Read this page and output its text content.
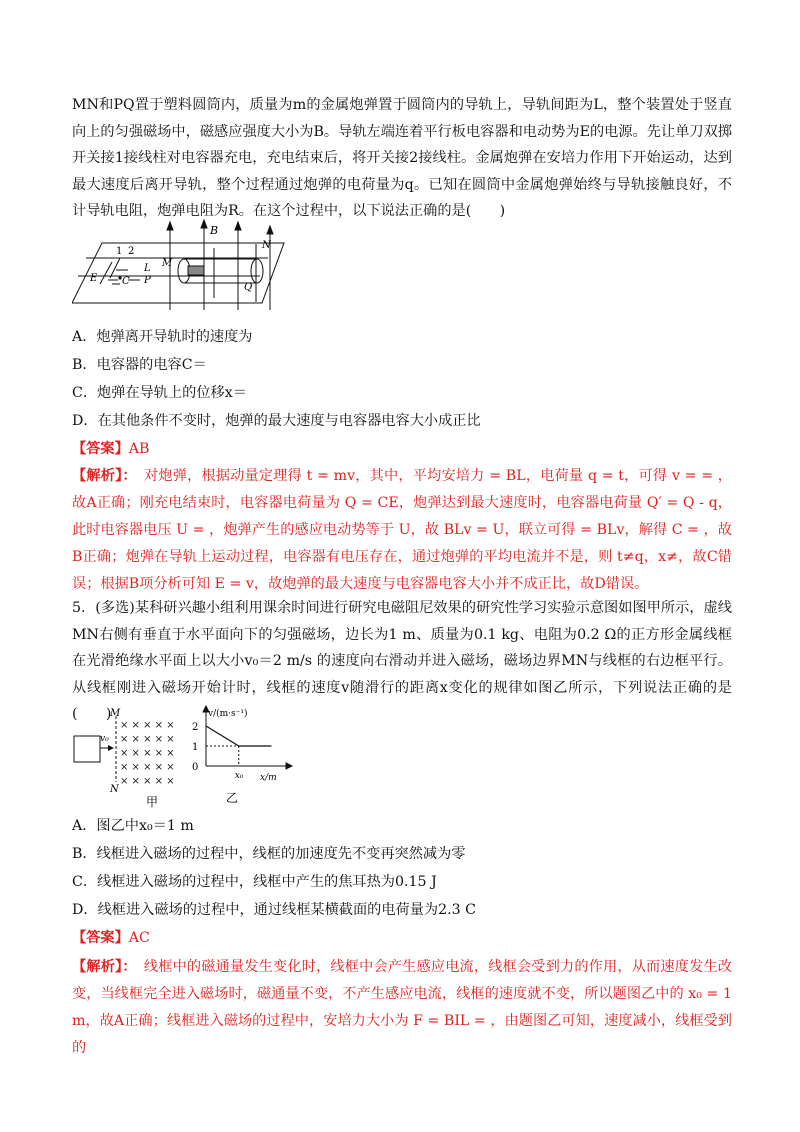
MN和PQ置于塑料圆筒内，质量为m的金属炮弹置于圆筒内的导轨上，导轨间距为L，整个装置处于竖直向上的匀强磁场中，磁感应强度大小为B。导轨左端连着平行板电容器和电动势为E的电源。先让单刀双掷开关接1接线柱对电容器充电，充电结束后，将开关接2接线柱。金属炮弹在安培力作用下开始运动，达到最大速度后离开导轨，整个过程通过炮弹的电荷量为q。已知在圆筒中金属炮弹始终与导轨接触良好，不计导轨电阻，炮弹电阻为R。在这个过程中，以下说法正确的是(　　)
B
N
M
L
P
Q
E C
1 2
A．炮弹离开导轨时的速度为
B．电容器的电容C＝
C．炮弹在导轨上的位移x＝
D．在其他条件不变时，炮弹的最大速度与电容器电容大小成正比
【答案】AB
【解析】：　对炮弹，根据动量定理得 t = mv，其中，平均安培力 = BL，电荷量 q = t，可得 v = = ，故A正确；刚充电结束时，电容器电荷量为 Q = CE，炮弹达到最大速度时，电容器电荷量 Q′ = Q - q，此时电容器电压 U = ，炮弹产生的感应电动势等于 U，故 BLv = U，联立可得 = BLv，解得 C = ，故B正确；炮弹在导轨上运动过程，电容器有电压存在，通过炮弹的平均电流并不是，则 t≠q，x≠，故C错误；根据B项分析可知 E = v，故炮弹的最大速度与电容器电容大小并不成正比，故D错误。
5．(多选)某科研兴趣小组利用课余时间进行研究电磁阻尼效果的研究性学习实验示意图如图甲所示，虚线MN右侧有垂直于水平面向下的匀强磁场，边长为1 m、质量为0.1 kg、电阻为0.2 Ω的正方形金属线框在光滑绝缘水平面上以大小v₀＝2 m/s 的速度向右滑动并进入磁场，磁场边界MN与线框的右边框平行。从线框刚进入磁场开始计时，线框的速度v随滑行的距离x变化的规律如图乙所示，下列说法正确的是(　　)
M
N
v₀
× × × × ×
× × × × ×
× × × × ×
× × × × ×
× × × × ×
甲
v/(m·s⁻¹)
x/m
2
1
0
x₀
乙
A．图乙中x₀＝1 m
B．线框进入磁场的过程中，线框的加速度先不变再突然减为零
C．线框进入磁场的过程中，线框中产生的焦耳热为0.15 J
D．线框进入磁场的过程中，通过线框某横截面的电荷量为2.3 C
【答案】AC
【解析】：　线框中的磁通量发生变化时，线框中会产生感应电流，线框会受到力的作用，从而速度发生改变，当线框完全进入磁场时，磁通量不变，不产生感应电流，线框的速度就不变，所以题图乙中的 x₀ = 1 m，故A正确；线框进入磁场的过程中，安培力大小为 F = BIL = ，由题图乙可知，速度减小，线框受到的
